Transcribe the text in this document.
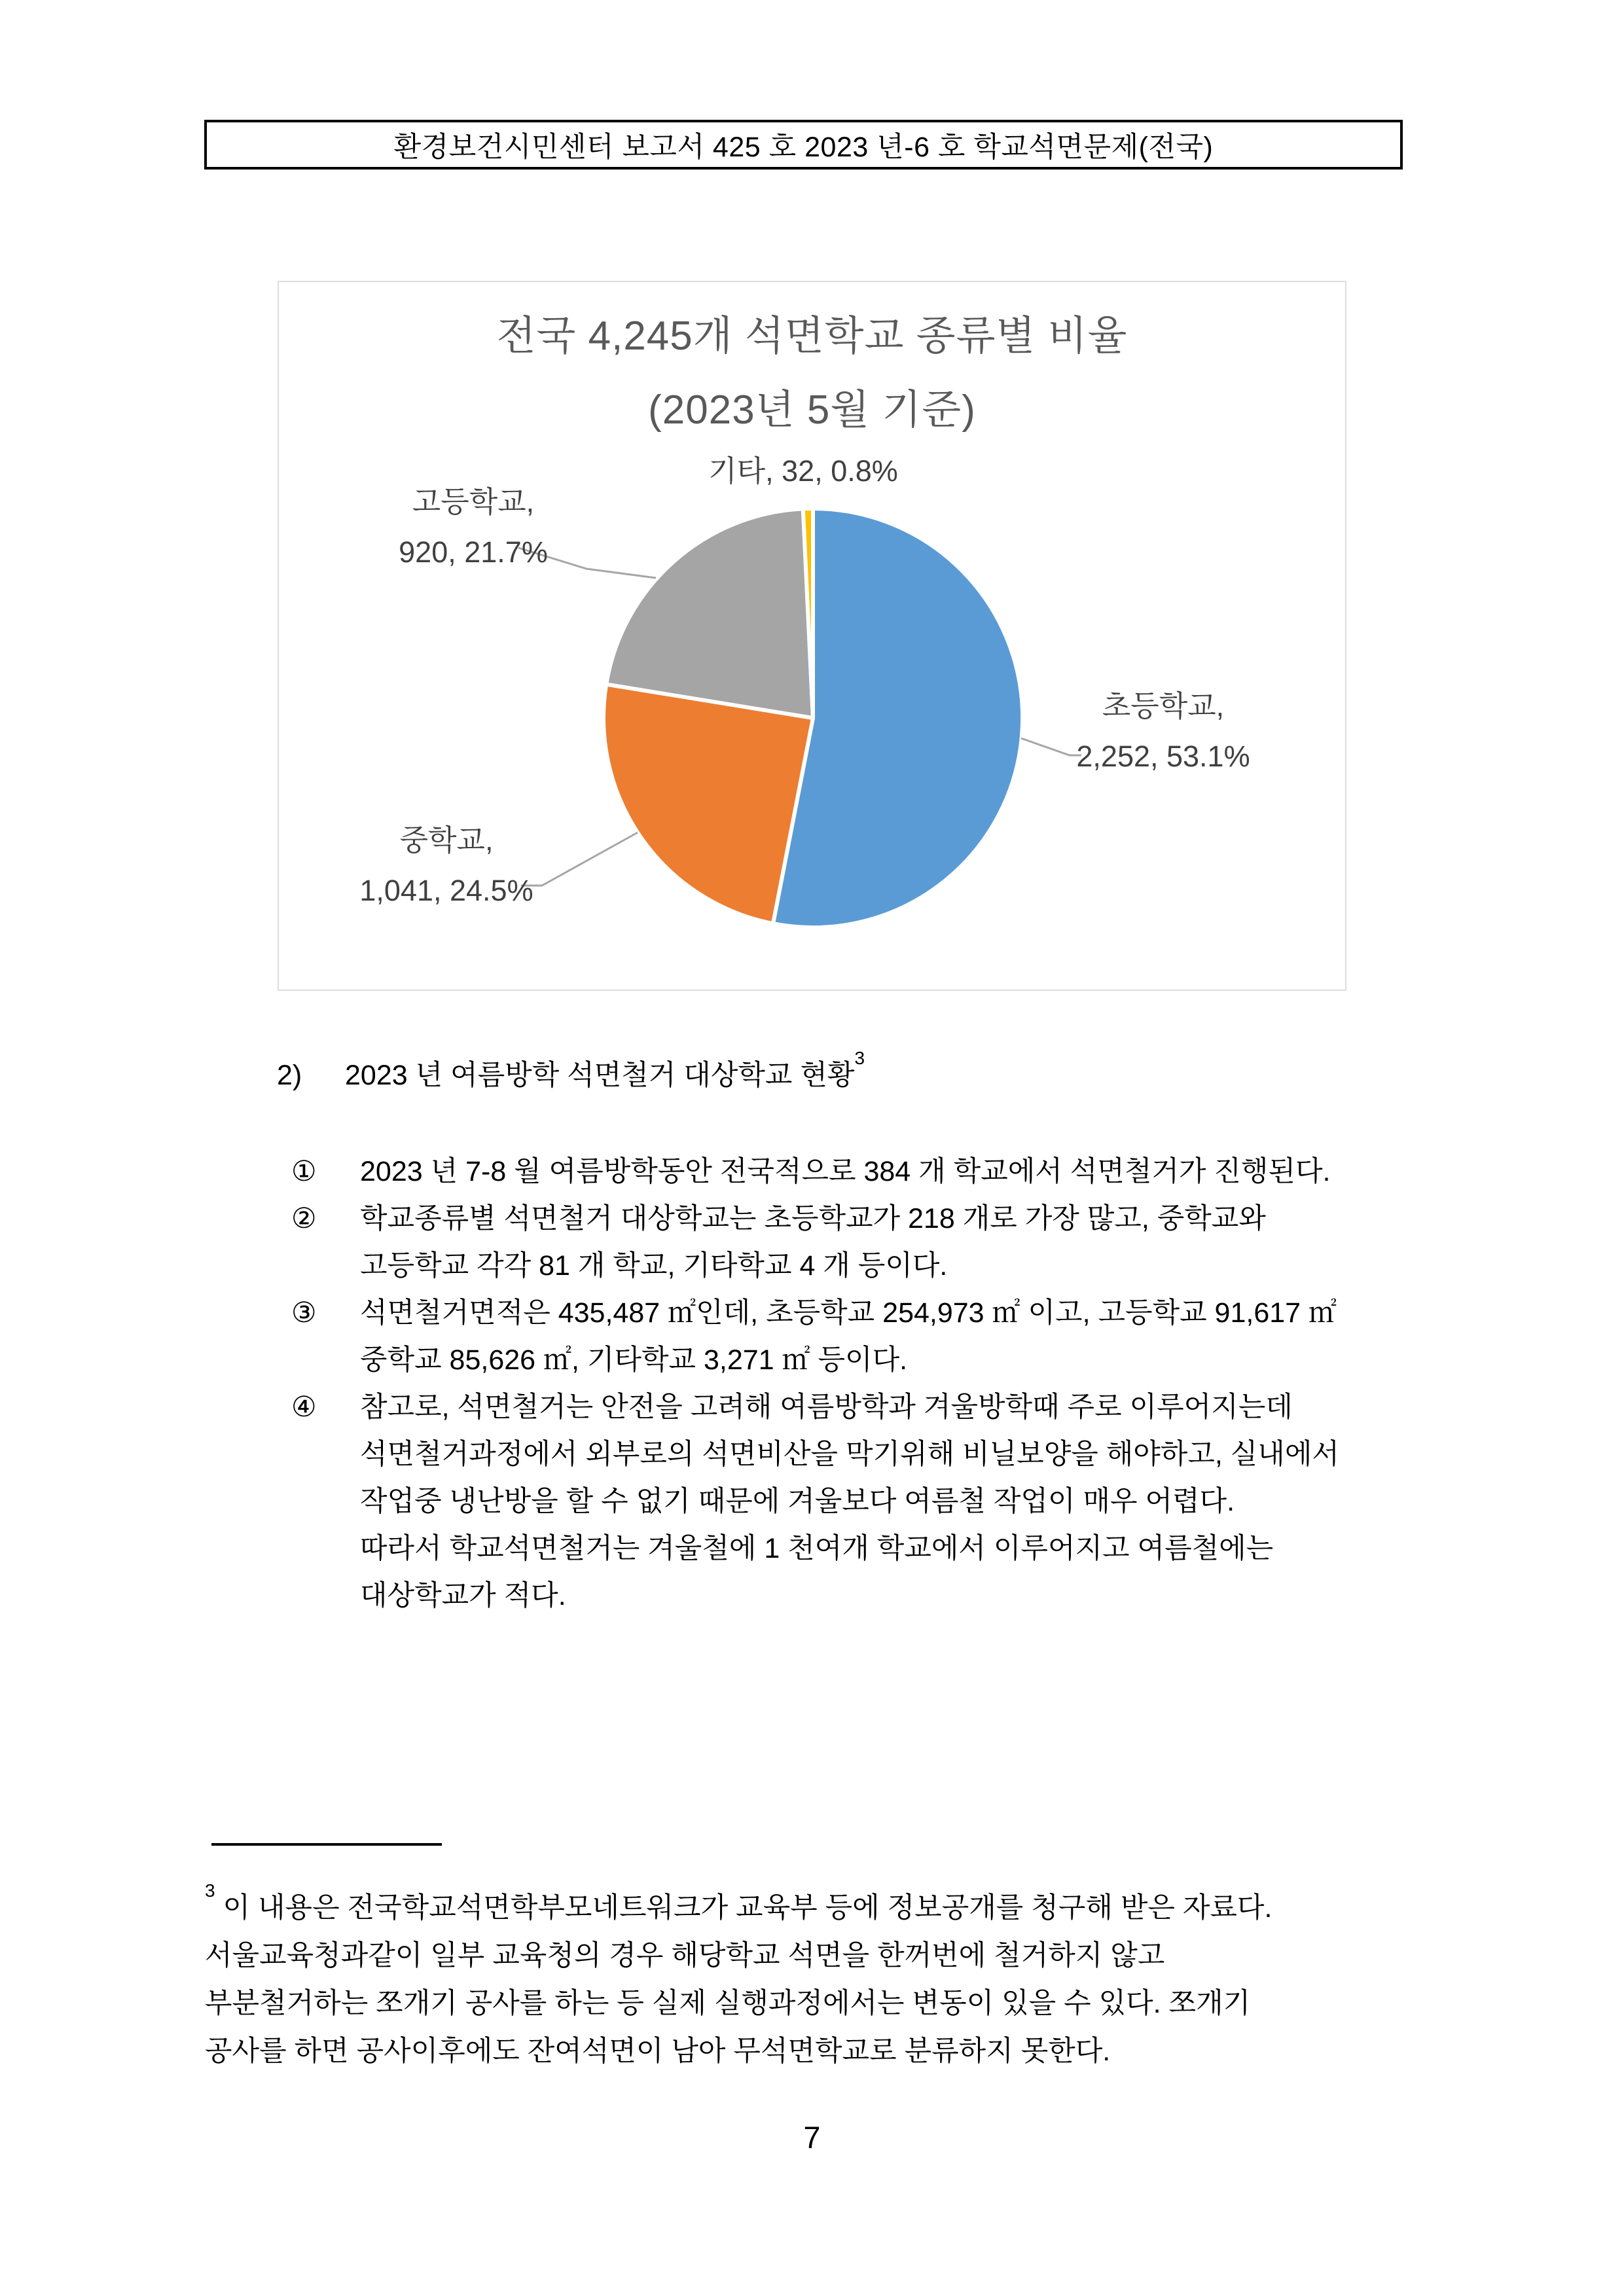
환경보건시민센터 보고서 425 호 2023 년-6 호 학교석면문제(전국)
전국 4,245개 석면학교 종류별 비율
(2023년 5월 기준)
기타, 32, 0.8%
고등학교,
920, 21.7%
초등학교,
2,252, 53.1%
중학교,
1,041, 24.5%
2) 2023 년 여름방학 석면철거 대상학교 현황$^3$
① 2023 년 7-8 월 여름방학동안 전국적으로 384 개 학교에서 석면철거가 진행된다.
② 학교종류별 석면철거 대상학교는 초등학교가 218 개로 가장 많고, 중학교와
고등학교 각각 81 개 학교, 기타학교 4 개 등이다.
③ 석면철거면적은 435,487 ㎡인데, 초등학교 254,973 ㎡ 이고, 고등학교 91,617 ㎡
중학교 85,626 ㎡, 기타학교 3,271 ㎡ 등이다.
④ 참고로, 석면철거는 안전을 고려해 여름방학과 겨울방학때 주로 이루어지는데
석면철거과정에서 외부로의 석면비산을 막기위해 비닐보양을 해야하고, 실내에서
작업중 냉난방을 할 수 없기 때문에 겨울보다 여름철 작업이 매우 어렵다.
따라서 학교석면철거는 겨울철에 1 천여개 학교에서 이루어지고 여름철에는
대상학교가 적다.
$^3$ 이 내용은 전국학교석면학부모네트워크가 교육부 등에 정보공개를 청구해 받은 자료다.
서울교육청과같이 일부 교육청의 경우 해당학교 석면을 한꺼번에 철거하지 않고
부분철거하는 쪼개기 공사를 하는 등 실제 실행과정에서는 변동이 있을 수 있다. 쪼개기
공사를 하면 공사이후에도 잔여석면이 남아 무석면학교로 분류하지 못한다.
7
